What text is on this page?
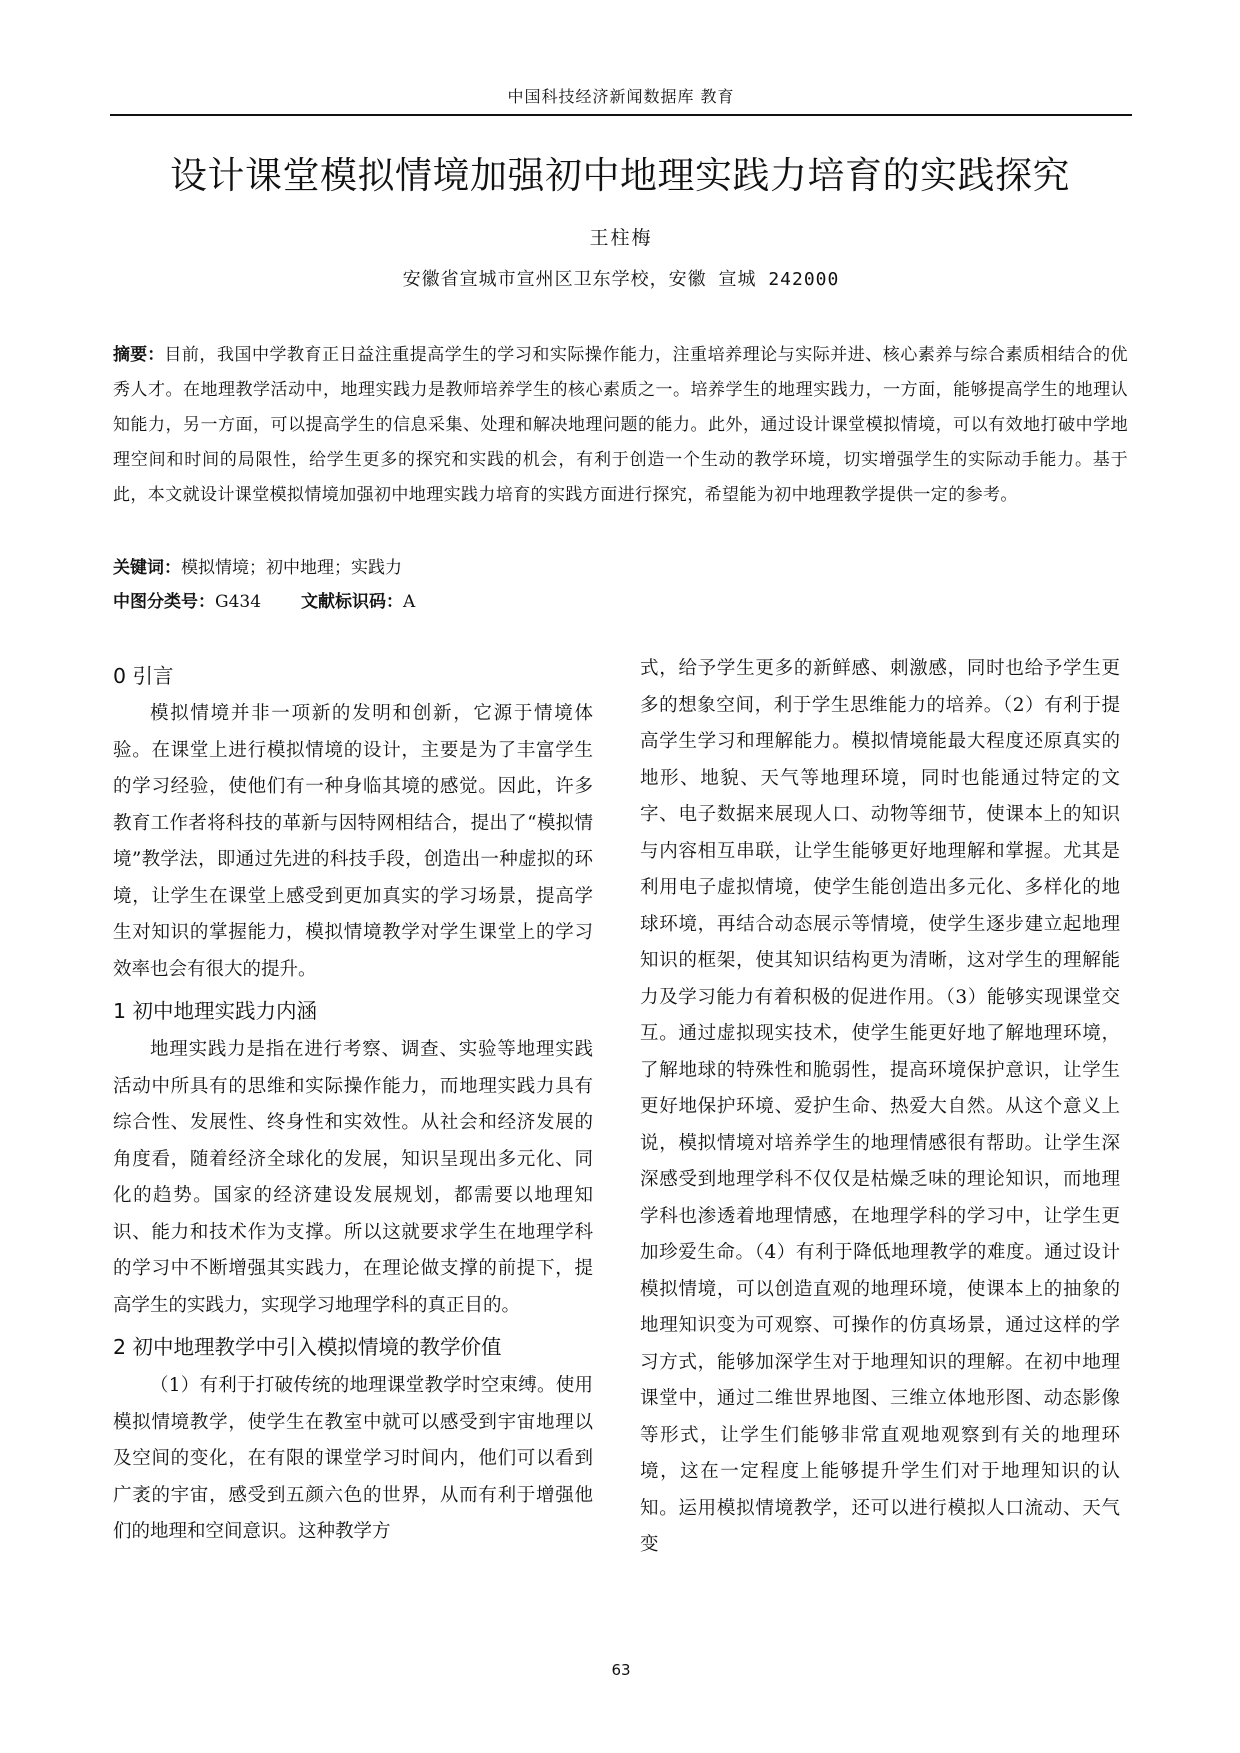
中国科技经济新闻数据库 教育
设计课堂模拟情境加强初中地理实践力培育的实践探究
王柱梅
安徽省宣城市宣州区卫东学校，安徽 宣城 242000
摘要：目前，我国中学教育正日益注重提高学生的学习和实际操作能力，注重培养理论与实际并进、核心素养与综合素质相结合的优秀人才。在地理教学活动中，地理实践力是教师培养学生的核心素质之一。培养学生的地理实践力，一方面，能够提高学生的地理认知能力，另一方面，可以提高学生的信息采集、处理和解决地理问题的能力。此外，通过设计课堂模拟情境，可以有效地打破中学地理空间和时间的局限性，给学生更多的探究和实践的机会，有利于创造一个生动的教学环境，切实增强学生的实际动手能力。基于此，本文就设计课堂模拟情境加强初中地理实践力培育的实践方面进行探究，希望能为初中地理教学提供一定的参考。
关键词：模拟情境；初中地理；实践力
中图分类号：G434 文献标识码：A
0 引言

模拟情境并非一项新的发明和创新，它源于情境体验。在课堂上进行模拟情境的设计，主要是为了丰富学生的学习经验，使他们有一种身临其境的感觉。因此，许多教育工作者将科技的革新与因特网相结合，提出了“模拟情境”教学法，即通过先进的科技手段，创造出一种虚拟的环境，让学生在课堂上感受到更加真实的学习场景，提高学生对知识的掌握能力，模拟情境教学对学生课堂上的学习效率也会有很大的提升。

1 初中地理实践力内涵

地理实践力是指在进行考察、调查、实验等地理实践活动中所具有的思维和实际操作能力，而地理实践力具有综合性、发展性、终身性和实效性。从社会和经济发展的角度看，随着经济全球化的发展，知识呈现出多元化、同化的趋势。国家的经济建设发展规划，都需要以地理知识、能力和技术作为支撑。所以这就要求学生在地理学科的学习中不断增强其实践力，在理论做支撑的前提下，提高学生的实践力，实现学习地理学科的真正目的。

2 初中地理教学中引入模拟情境的教学价值

（1）有利于打破传统的地理课堂教学时空束缚。使用模拟情境教学，使学生在教室中就可以感受到宇宙地理以及空间的变化，在有限的课堂学习时间内，他们可以看到广袤的宇宙，感受到五颜六色的世界，从而有利于增强他们的地理和空间意识。这种教学方

式，给予学生更多的新鲜感、刺激感，同时也给予学生更多的想象空间，利于学生思维能力的培养。（2）有利于提高学生学习和理解能力。模拟情境能最大程度还原真实的地形、地貌、天气等地理环境，同时也能通过特定的文字、电子数据来展现人口、动物等细节，使课本上的知识与内容相互串联，让学生能够更好地理解和掌握。尤其是利用电子虚拟情境，使学生能创造出多元化、多样化的地球环境，再结合动态展示等情境，使学生逐步建立起地理知识的框架，使其知识结构更为清晰，这对学生的理解能力及学习能力有着积极的促进作用。（3）能够实现课堂交互。通过虚拟现实技术，使学生能更好地了解地理环境，了解地球的特殊性和脆弱性，提高环境保护意识，让学生更好地保护环境、爱护生命、热爱大自然。从这个意义上说，模拟情境对培养学生的地理情感很有帮助。让学生深深感受到地理学科不仅仅是枯燥乏味的理论知识，而地理学科也渗透着地理情感，在地理学科的学习中，让学生更加珍爱生命。（4）有利于降低地理教学的难度。通过设计模拟情境，可以创造直观的地理环境，使课本上的抽象的地理知识变为可观察、可操作的仿真场景，通过这样的学习方式，能够加深学生对于地理知识的理解。在初中地理课堂中，通过二维世界地图、三维立体地形图、动态影像等形式，让学生们能够非常直观地观察到有关的地理环境，这在一定程度上能够提升学生们对于地理知识的认知。运用模拟情境教学，还可以进行模拟人口流动、天气变

63
